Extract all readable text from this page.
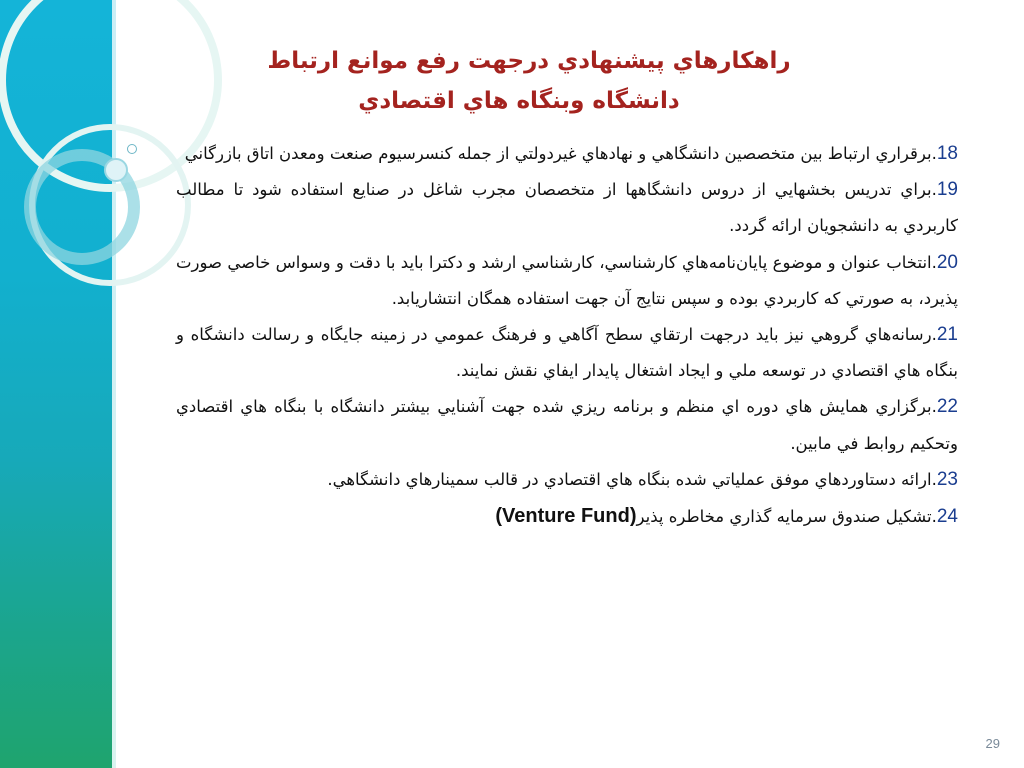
راهكارهاي پيشنهادي درجهت رفع موانع ارتباط
دانشگاه وبنگاه هاي اقتصادي

18.برقراري ارتباط بين متخصصين دانشگاهي و نهادهاي غيردولتي از جمله كنسرسيوم صنعت ومعدن اتاق بازرگاني

19.براي تدريس بخشهايي از دروس دانشگاهها از متخصصان مجرب شاغل در صنايع استفاده شود تا مطالب كاربردي به دانشجويان ارائه گردد.

20.انتخاب عنوان و موضوع پايان‌نامه‌هاي كارشناسي، كارشناسي ارشد و دكترا بايد با دقت و وسواس خاصي صورت پذيرد، به صورتي كه كاربردي بوده و سپس نتايج آن جهت استفاده همگان انتشاريابد.

21.رسانه‌هاي گروهي نيز بايد درجهت ارتقاي سطح آگاهي و فرهنگ عمومي در زمينه جايگاه و رسالت دانشگاه و بنگاه هاي اقتصادي در توسعه ملي و ايجاد اشتغال پايدار ايفاي نقش نمايند.

22.برگزاري همايش هاي دوره اي منظم و برنامه ريزي شده جهت آشنايي بيشتر دانشگاه با بنگاه هاي اقتصادي وتحكيم روابط في مابين.

23.ارائه دستاوردهاي موفق عملياتي شده بنگاه هاي اقتصادي در قالب سمينارهاي دانشگاهي.

24.تشكيل صندوق سرمايه گذاري مخاطره پذير(Venture Fund)

29
